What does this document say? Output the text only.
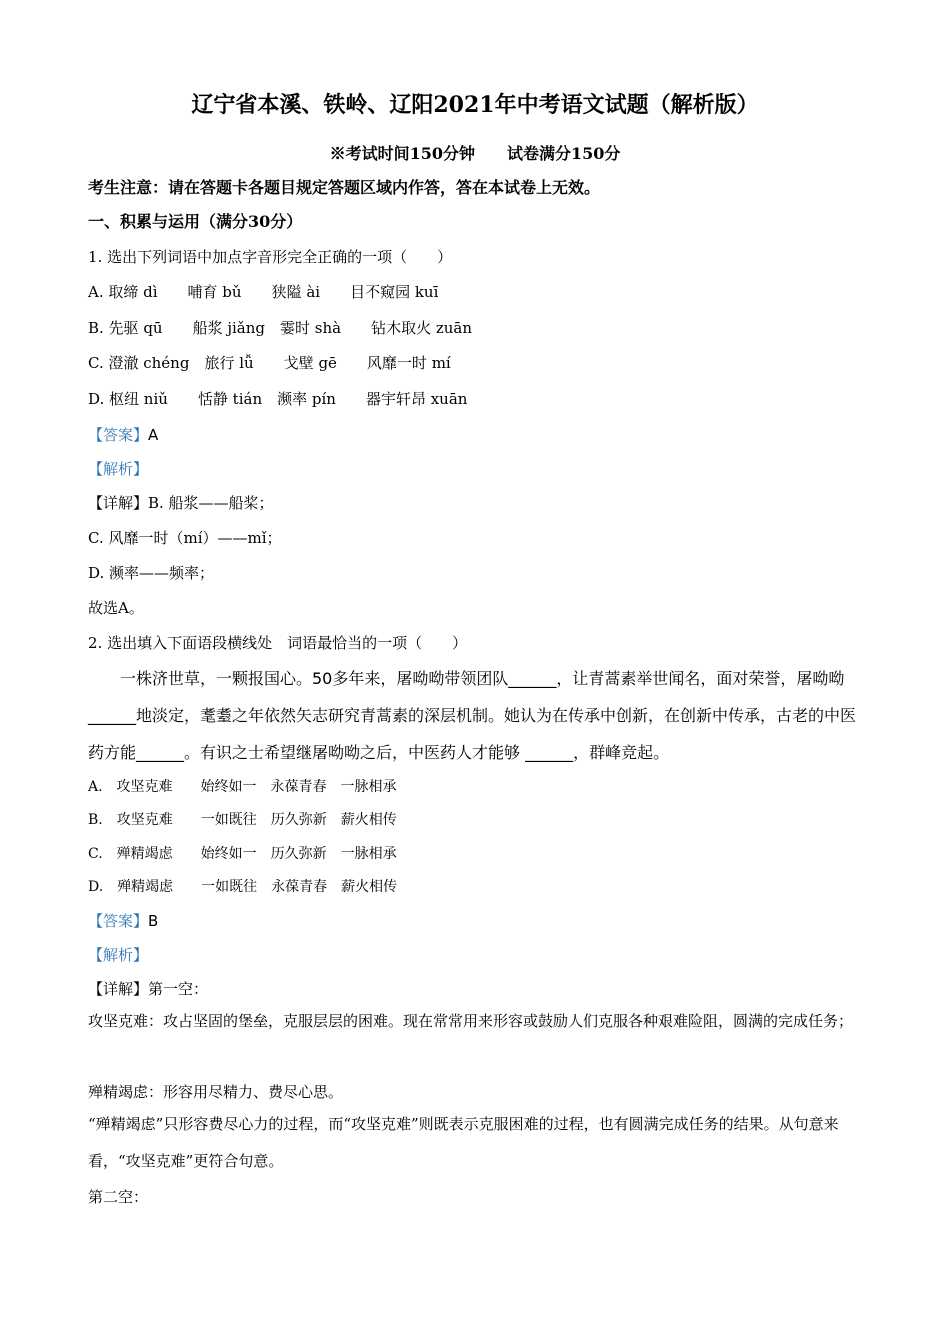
辽宁省本溪、铁岭、辽阳2021年中考语文试题（解析版）
※考试时间150分钟　　试卷满分150分
考生注意：请在答题卡各题目规定答题区域内作答，答在本试卷上无效。
一、积累与运用（满分30分）
1. 选出下列词语中加点字音形完全正确的一项（　　）
A. 取缔 dì　　哺育 bǔ　　狭隘 ài　　目不窥园 kuī
B. 先驱 qū　　船浆 jiǎng　霎时 shà　　钻木取火 zuān
C. 澄澈 chéng　旅行 lǚ　　戈壁 gē　　风靡一时 mí
D. 枢纽 niǔ　　恬静 tián　濒率 pín　　器宇轩昂 xuān
【答案】A
【解析】
【详解】B. 船浆——船桨；
C. 风靡一时（mí）——mǐ；
D. 濒率——频率；
故选A。
2. 选出填入下面语段横线处　词语最恰当的一项（　　）
一株济世草，一颗报国心。50多年来，屠呦呦带领团队______，让青蒿素举世闻名，面对荣誉，屠呦呦______地淡定，耄耋之年依然矢志研究青蒿素的深层机制。她认为在传承中创新，在创新中传承，古老的中医药方能______。有识之士希望继屠呦呦之后，中医药人才能够 ______，群峰竞起。
A.　攻坚克难　　始终如一　永葆青春　一脉相承
B.　攻坚克难　　一如既往　历久弥新　薪火相传
C.　殚精竭虑　　始终如一　历久弥新　一脉相承
D.　殚精竭虑　　一如既往　永葆青春　薪火相传
【答案】B
【解析】
【详解】第一空：
攻坚克难：攻占坚固的堡垒，克服层层的困难。现在常常用来形容或鼓励人们克服各种艰难险阻，圆满的完成任务；
殚精竭虑：形容用尽精力、费尽心思。
“殚精竭虑”只形容费尽心力的过程，而“攻坚克难”则既表示克服困难的过程，也有圆满完成任务的结果。从句意来看，“攻坚克难”更符合句意。
第二空：
